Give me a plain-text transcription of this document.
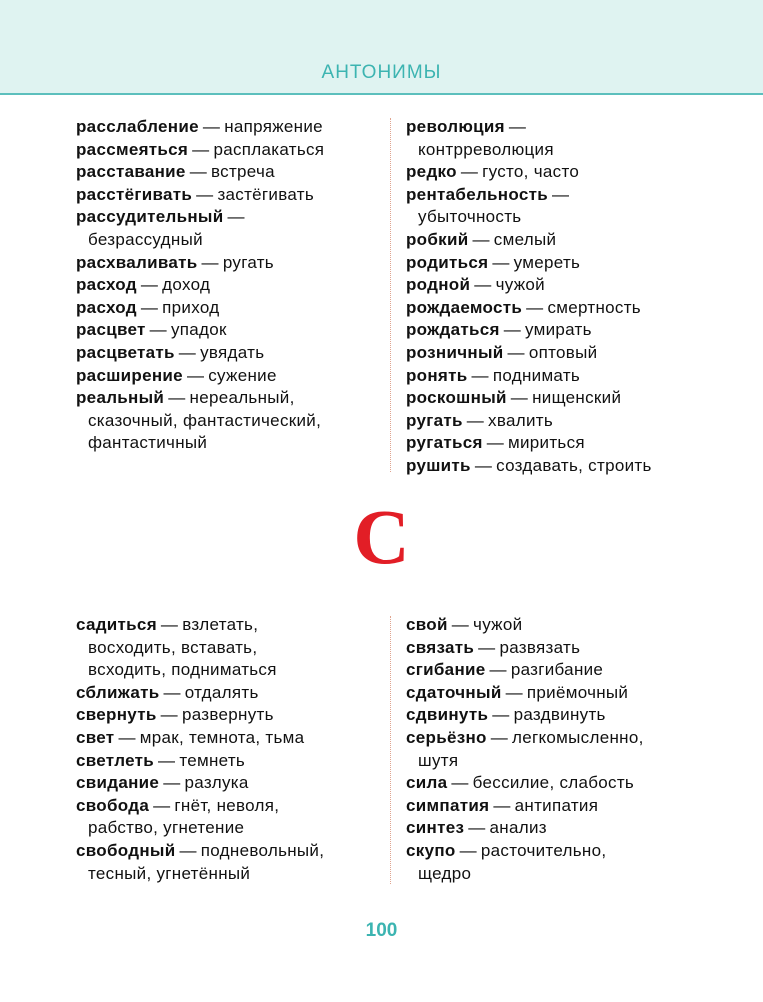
АНТОНИМЫ
расслабление — напряжение
рассмеяться — расплакаться
расставание — встреча
расстёгивать — застёгивать
рассудительный —
безрассудный
расхваливать — ругать
расход — доход
расход — приход
расцвет — упадок
расцветать — увядать
расширение — сужение
реальный — нереальный,
сказочный, фантастический,
фантастичный
революция —
контрреволюция
редко — густо, часто
рентабельность —
убыточность
робкий — смелый
родиться — умереть
родной — чужой
рождаемость — смертность
рождаться — умирать
розничный — оптовый
ронять — поднимать
роскошный — нищенский
ругать — хвалить
ругаться — мириться
рушить — создавать, строить
С
садиться — взлетать,
восходить, вставать,
всходить, подниматься
сближать — отдалять
свернуть — развернуть
свет — мрак, темнота, тьма
светлеть — темнеть
свидание — разлука
свобода — гнёт, неволя,
рабство, угнетение
свободный — подневольный,
тесный, угнетённый
свой — чужой
связать — развязать
сгибание — разгибание
сдаточный — приёмочный
сдвинуть — раздвинуть
серьёзно — легкомысленно,
шутя
сила — бессилие, слабость
симпатия — антипатия
синтез — анализ
скупо — расточительно,
щедро
100
